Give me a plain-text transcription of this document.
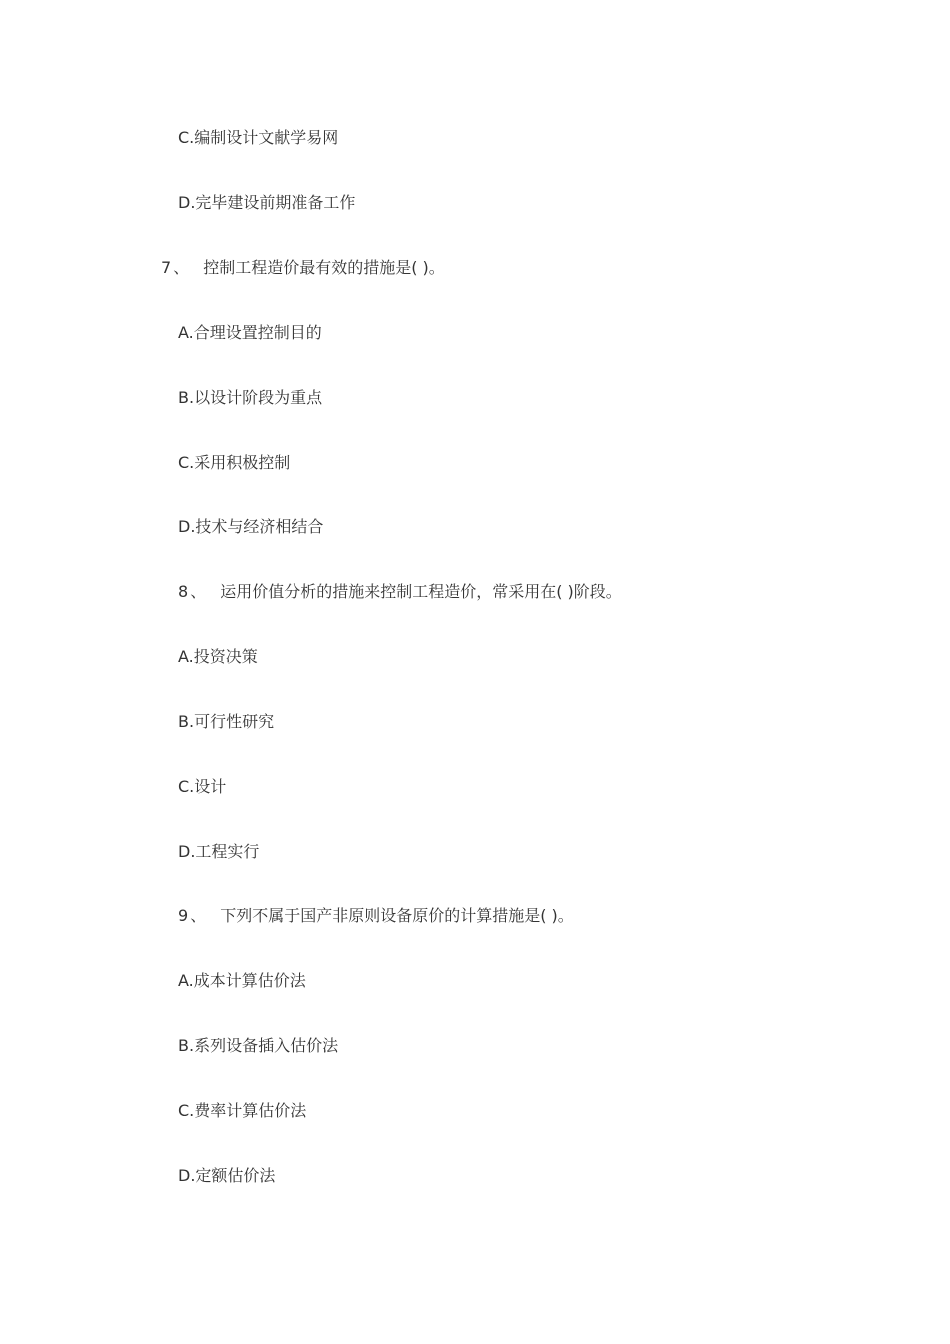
C.编制设计文献学易网
D.完毕建设前期准备工作
7 、 控制工程造价最有效的措施是( )。
A.合理设置控制目的
B.以设计阶段为重点
C.采用积极控制
D.技术与经济相结合
8 、 运用价值分析的措施来控制工程造价，常采用在( )阶段。
A.投资决策
B.可行性研究
C.设计
D.工程实行
9 、 下列不属于国产非原则设备原价的计算措施是( )。
A.成本计算估价法
B.系列设备插入估价法
C.费率计算估价法
D.定额估价法
